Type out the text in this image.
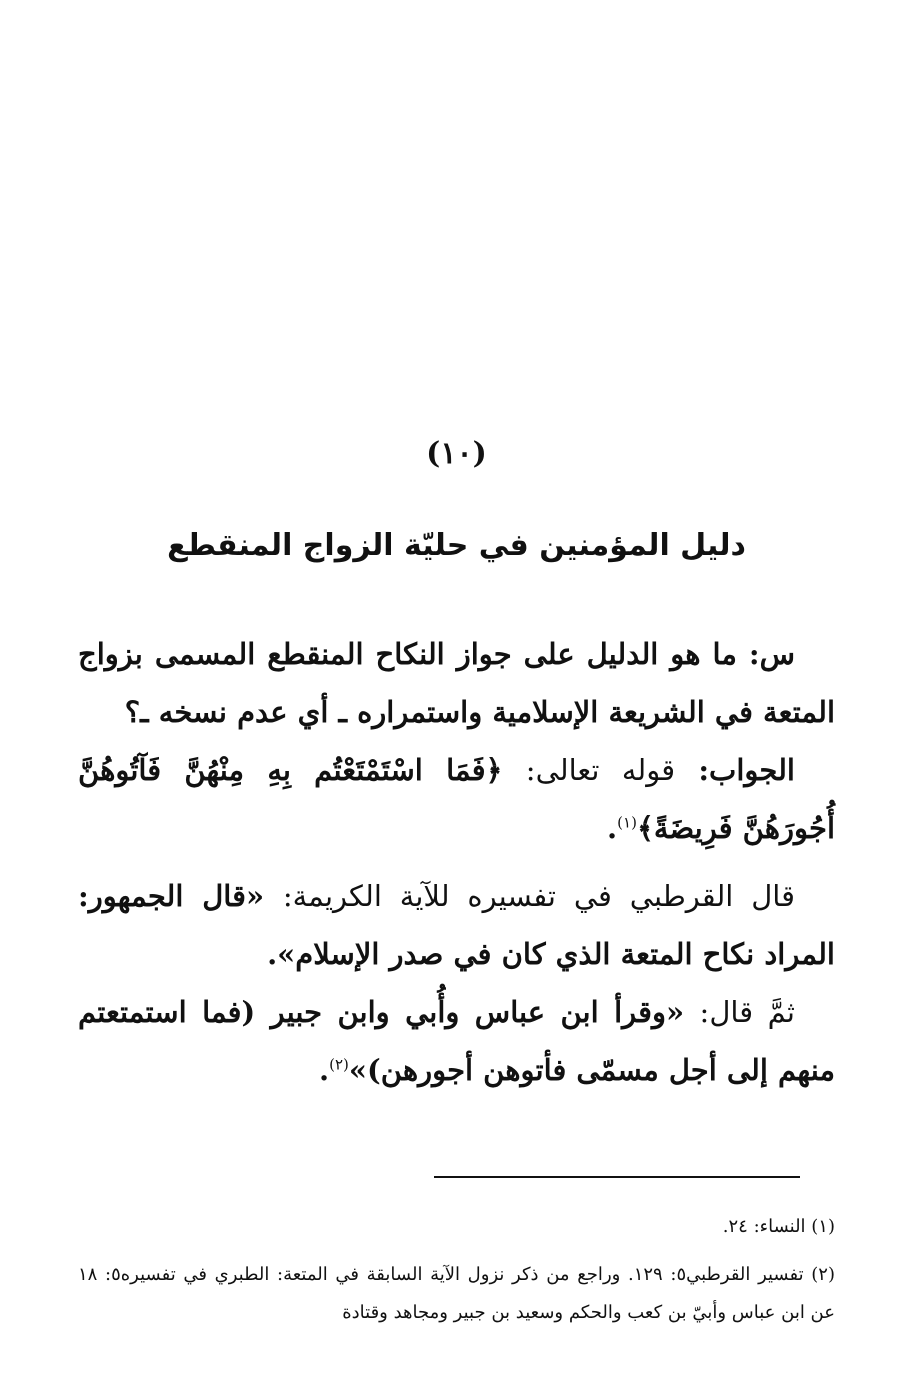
(١٠)
دليل المؤمنين في حليّة الزواج المنقطع

س: ما هو الدليل على جواز النكاح المنقطع المسمى بزواج المتعة في الشريعة الإسلامية واستمراره ـ أي عدم نسخه ـ؟

الجواب: قوله تعالى: ﴿فَمَا اسْتَمْتَعْتُم بِهِ مِنْهُنَّ فَآتُوهُنَّ أُجُورَهُنَّ فَرِيضَةً﴾$^{(١)}$.

قال القرطبي في تفسيره للآية الكريمة: «قال الجمهور: المراد نكاح المتعة الذي كان في صدر الإسلام».

ثمَّ قال: «وقرأ ابن عباس وأُبي وابن جبير (فما استمتعتم منهم إلى أجل مسمّى فأتوهن أجورهن)»$^{(٢)}$.

(١) النساء: ٢٤.

(٢) تفسير القرطبي٥: ١٢٩. وراجع من ذكر نزول الآية السابقة في المتعة: الطبري في تفسيره٥: ١٨ عن ابن عباس وأبيّ بن كعب والحكم وسعيد بن جبير ومجاهد وقتادة
